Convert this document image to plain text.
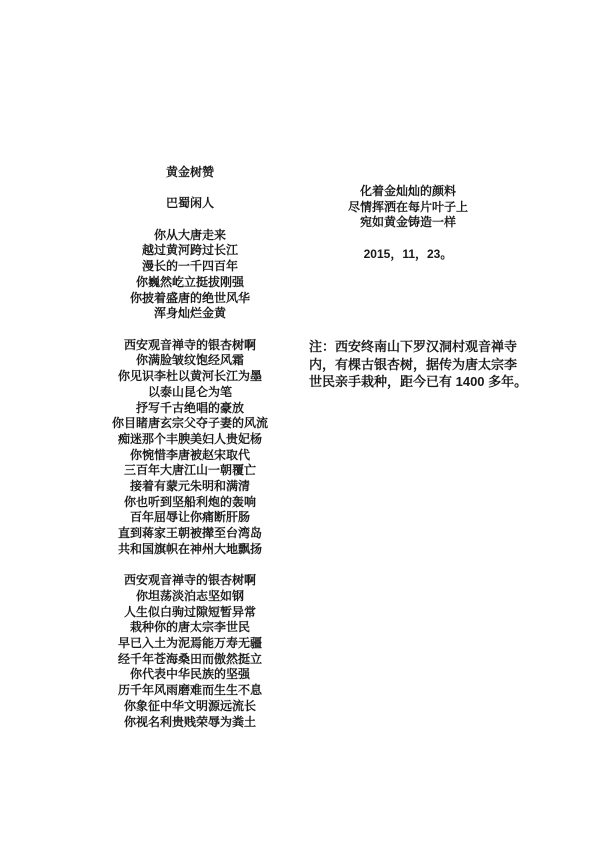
黄金树赞
巴蜀闲人
你从大唐走来
越过黄河跨过长江
漫长的一千四百年
你巍然屹立挺拔刚强
你披着盛唐的绝世风华
浑身灿烂金黄
西安观音禅寺的银杏树啊
你满脸皱纹饱经风霜
你见识李杜以黄河长江为墨
以泰山昆仑为笔
抒写千古绝唱的豪放
你目睹唐玄宗父夺子妻的风流
痴迷那个丰腴美妇人贵妃杨
你惋惜李唐被赵宋取代
三百年大唐江山一朝覆亡
接着有蒙元朱明和满清
你也听到坚船利炮的轰响
百年屈辱让你痛断肝肠
直到蒋家王朝被撵至台湾岛
共和国旗帜在神州大地飘扬
西安观音禅寺的银杏树啊
你坦荡淡泊志坚如钢
人生似白驹过隙短暂异常
栽种你的唐太宗李世民
早已入土为泥焉能万寿无疆
经千年苍海桑田而傲然挺立
你代表中华民族的坚强
历千年风雨磨难而生生不息
你象征中华文明源远流长
你视名利贵贱荣辱为粪土
化着金灿灿的颜料
尽情挥洒在每片叶子上
宛如黄金铸造一样
2015，11，23。
注：西安终南山下罗汉洞村观音禅寺
内，有棵古银杏树，据传为唐太宗李
世民亲手栽种，距今已有 1400 多年。
